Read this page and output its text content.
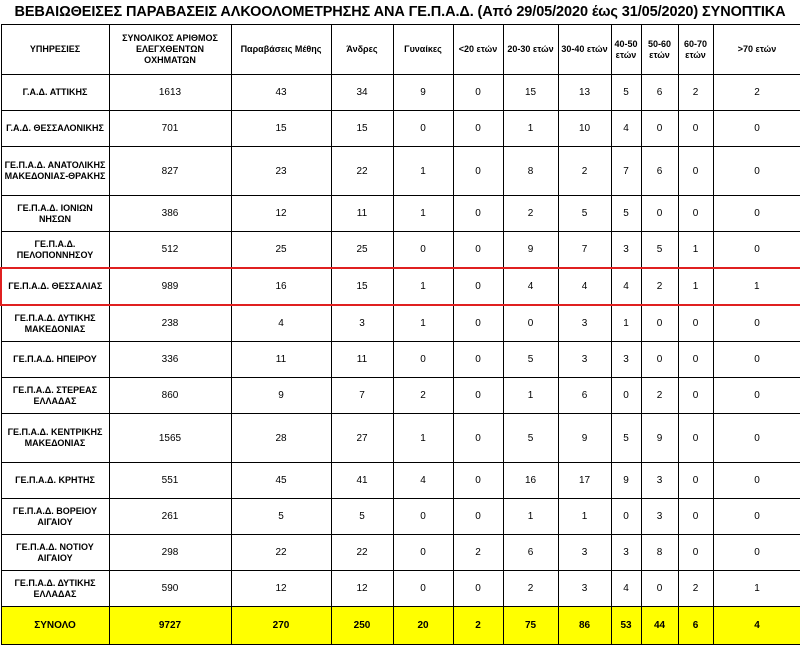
ΒΕΒΑΙΩΘΕΙΣΕΣ ΠΑΡΑΒΑΣΕΙΣ ΑΛΚΟΟΛΟΜΕΤΡΗΣΗΣ ΑΝΑ ΓΕ.Π.Α.Δ. (Από 29/05/2020 έως 31/05/2020) ΣΥΝΟΠΤΙΚΑ
ΥΠΗΡΕΣΙΕΣ	ΣΥΝΟΛΙΚΟΣ ΑΡΙΘΜΟΣ ΕΛΕΓΧΘΕΝΤΩΝ ΟΧΗΜΑΤΩΝ	Παραβάσεις Μέθης	Άνδρες	Γυναίκες	<20 ετών	20-30 ετών	30-40 ετών	40-50 ετών	50-60 ετών	60-70 ετών	>70 ετών
Γ.Α.Δ. ΑΤΤΙΚΗΣ	1613	43	34	9	0	15	13	5	6	2	2
Γ.Α.Δ. ΘΕΣΣΑΛΟΝΙΚΗΣ	701	15	15	0	0	1	10	4	0	0	0
ΓΕ.Π.Α.Δ. ΑΝΑΤΟΛΙΚΗΣ ΜΑΚΕΔΟΝΙΑΣ-ΘΡΑΚΗΣ	827	23	22	1	0	8	2	7	6	0	0
ΓΕ.Π.Α.Δ. ΙΟΝΙΩΝ ΝΗΣΩΝ	386	12	11	1	0	2	5	5	0	0	0
ΓΕ.Π.Α.Δ. ΠΕΛΟΠΟΝΝΗΣΟΥ	512	25	25	0	0	9	7	3	5	1	0
ΓΕ.Π.Α.Δ. ΘΕΣΣΑΛΙΑΣ	989	16	15	1	0	4	4	4	2	1	1
ΓΕ.Π.Α.Δ. ΔΥΤΙΚΗΣ ΜΑΚΕΔΟΝΙΑΣ	238	4	3	1	0	0	3	1	0	0	0
ΓΕ.Π.Α.Δ. ΗΠΕΙΡΟΥ	336	11	11	0	0	5	3	3	0	0	0
ΓΕ.Π.Α.Δ. ΣΤΕΡΕΑΣ ΕΛΛΑΔΑΣ	860	9	7	2	0	1	6	0	2	0	0
ΓΕ.Π.Α.Δ. ΚΕΝΤΡΙΚΗΣ ΜΑΚΕΔΟΝΙΑΣ	1565	28	27	1	0	5	9	5	9	0	0
ΓΕ.Π.Α.Δ. ΚΡΗΤΗΣ	551	45	41	4	0	16	17	9	3	0	0
ΓΕ.Π.Α.Δ. ΒΟΡΕΙΟΥ ΑΙΓΑΙΟΥ	261	5	5	0	0	1	1	0	3	0	0
ΓΕ.Π.Α.Δ. ΝΟΤΙΟΥ ΑΙΓΑΙΟΥ	298	22	22	0	2	6	3	3	8	0	0
ΓΕ.Π.Α.Δ. ΔΥΤΙΚΗΣ ΕΛΛΑΔΑΣ	590	12	12	0	0	2	3	4	0	2	1
ΣΥΝΟΛΟ	9727	270	250	20	2	75	86	53	44	6	4
